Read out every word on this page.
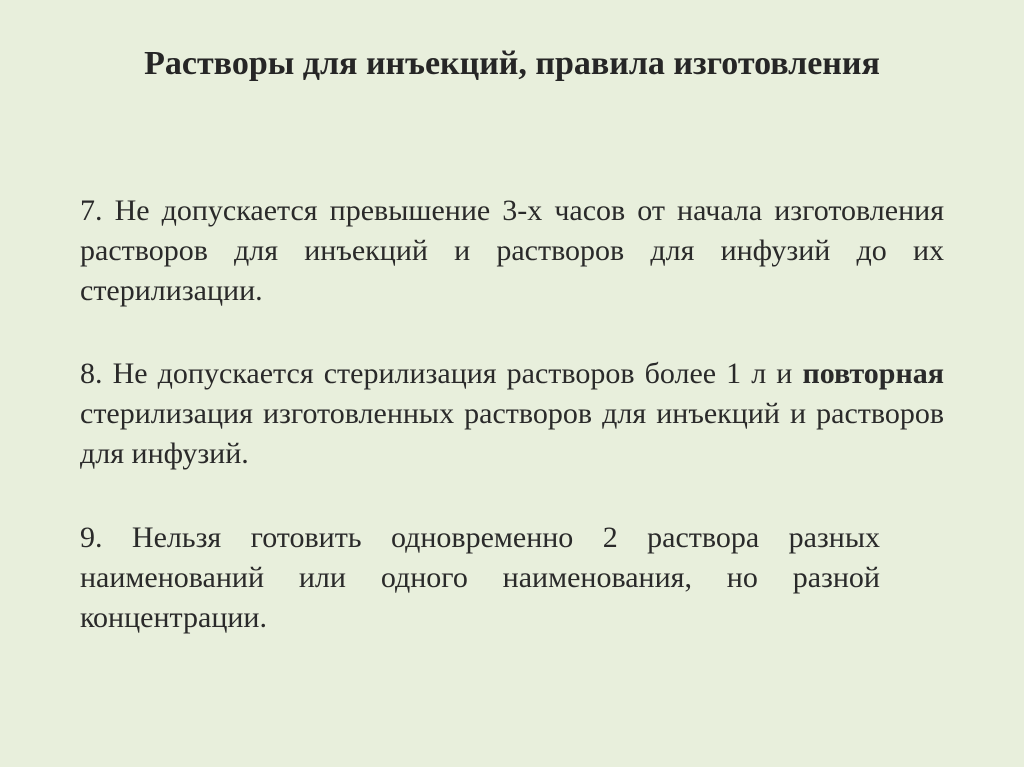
Растворы для инъекций, правила изготовления
7. Не допускается превышение 3-х часов от начала изготовления растворов для инъекций и растворов для инфузий до их стерилизации.
8. Не допускается стерилизация растворов более 1 л и повторная стерилизация изготовленных растворов для инъекций и растворов для инфузий.
9. Нельзя готовить одновременно 2 раствора разных наименований или одного наименования, но разной концентрации.
